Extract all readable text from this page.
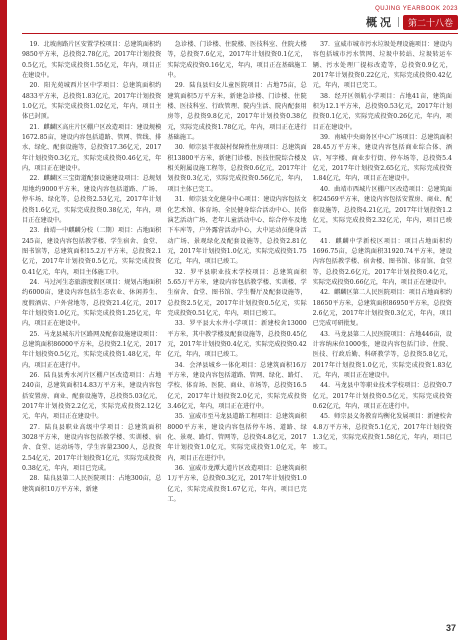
QUJING YEARBOOK 2023
概况	第二十八卷

19．北坡南路片区安置学校项目：总建筑面积约9850平方米，总投资2.78亿元，2017年计划投资0.5亿元，实际完成投资1.55亿元，年内，项目正在建设中。

20．阳光苑城西片区中学项目：总建筑面积约4833平方米，总投资1.83亿元，2017年计划投资1.0亿元，实际完成投资1.02亿元，年内，项目主体已封顶。

21．麒麟区高庄片区棚户区改造项目：建设规模1672.85亩，建设内容包括道路、管网、管线、排水、绿化、配套设施等，总投资17.36亿元，2017年计划投资0.3亿元，实际完成投资0.46亿元，年内，项目正在建设中。

22．麒麟区三宝街道配套设施建设项目：总规划用地约9000平方米，建设内容包括道路、广场、停车场、绿化等，总投资2.53亿元，2017年计划投资1.6亿元，实际完成投资0.38亿元，年内，项目正在建设中。

23．曲靖一中麒麟分校（二期）项目：占地面积245亩，建设内容包括教学楼、学生宿舍、食堂、图书馆等，总建筑面积15.2万平方米，总投资2.1亿元，2017年计划投资0.5亿元，实际完成投资0.41亿元，年内，项目主体施工中。

24．马过河生态旅游度假区项目：规划占地面积约6000亩，建设内容包括生态农业、休闲养生、度假酒店、户外营地等，总投资21.4亿元，2017年计划投资1.0亿元，实际完成投资1.25亿元，年内，项目正在建设中。

25．马龙县城东片区路网及配套设施建设项目：总建筑面积86000平方米，总投资2.1亿元，2017年计划投资0.5亿元，实际完成投资1.48亿元，年内，项目正在进行中。

26．陆良县秀水河片区棚户区改造项目：占地240亩，总建筑面积14.83万平方米，建设内容包括安置房、商业、配套设施等，总投资5.03亿元，2017年计划投资2.2亿元，实际完成投资2.12亿元，年内，项目正在建设中。

27．陆良县职业高级中学项目：总建筑面积3028平方米，建设内容包括教学楼、实训楼、宿舍、食堂、运动场等，学生容量2300人，总投资2.54亿元，2017年计划投资1亿元，实际完成投资0.38亿元，年内，项目已完成。

28．陆良县第二人民医院项目：占地300亩，总建筑面积10万平方米，新建

急诊楼、门诊楼、住院楼、医技科室、住院大楼等，总投资7.6亿元，2017年计划投资0.1亿元，实际完成投资0.16亿元，年内，项目正在基础施工中。

29．陆良县妇女儿童医院项目：占地75亩，总建筑面积5万平方米，新建急诊楼、门诊楼、住院楼、医技科室、行政管理、院内生活、院内配套用房等，总投资9.8亿元，2017年计划投资0.38亿元，实际完成投资1.78亿元，年内，项目正在进行基础施工。

30．师宗县半夜鼓村保障性住房项目：总建筑面积13800平方米，新建门诊楼、医技住院综合楼及相关附属设施工程等，总投资0.6亿元，2017年计划投资0.3亿元，实际完成投资0.56亿元，年内，项目主体已完工。

31．师宗县文化健身中心项目：建设内容包括文化艺术馆、体育场、全民健身综合活动中心、民俗演艺活动广场、老年儿童活动中心、综合停车及地下车库等，户外露营活动中心，大中运动员健身活动广场、景观绿化及配套设施等，总投资2.81亿元，2017年计划投资1.0亿元，实际完成投资1.75亿元，年内，项目已竣工。

32．罗平县职业技术学校项目：总建筑面积5.65万平方米，建设内容包括教学楼、实训楼、学生宿舍、食堂、图书馆、学生餐厅及配套设施等，总投资2.5亿元，2017年计划投资0.5亿元，实际完成投资0.51亿元，年内，项目已竣工。

33．罗平县大水井小学项目：新建校舍13000平方米，其中教学楼及配套设施等，总投资0.45亿元，2017年计划投资0.4亿元，实际完成投资0.42亿元，年内，项目已竣工。

34．会泽县城乡一体化项目：总建筑面积16万平方米，建设内容包括道路、管网、绿化、路灯、学校、体育场、医院、商业、市场等，总投资16.5亿元，2017年计划投资2.0亿元，实际完成投资3.46亿元，年内，项目正在进行中。

35．宣威市至马龙县道路工程项目：总建筑面积8000平方米，建设内容包括停车场、道路、绿化、景观、路灯、管网等，总投资4.8亿元，2017年计划投资1.0亿元，实际完成投资1.0亿元，年内，项目正在进行中。

36．宣威市龙潭大道片区改造项目：总建筑面积1万平方米，总投资0.3亿元，2017年计划投资1.0亿元，实际完成投资1.67亿元，年内，项目已完工。

37．宣威市城市污水垃圾处理设施项目：建设内容包括城市污水管网、垃圾中转站、垃圾转运车辆、污水处理厂提标改造等，总投资0.9亿元，2017年计划投资0.22亿元，实际完成投资0.42亿元，年内，项目已完工。

38．经开区领航小学项目：占地41亩，建筑面积为12.1平方米，总投资0.53亿元，2017年计划投资0.1亿元，实际完成投资0.26亿元，年内，项目正在建设中。

39．南城中央商务区中心广场项目：总建筑面积28.45万平方米，建设内容包括商业综合体、酒店、写字楼、商业步行街、停车场等，总投资5.4亿元，2017年计划投资2.65亿元，实际完成投资1.84亿元，年内，项目正在建设中。

40．曲靖市西城片区棚户区改造项目：总建筑面积24569平方米，建设内容包括安置房、商业、配套设施等，总投资4.21亿元，2017年计划投资1.2亿元，实际完成投资2.32亿元，年内，项目已竣工。

41．麒麟中学新校区项目：项目占地面积约1696.75亩，总建筑面积31920.74平方米，建设内容包括教学楼、宿舍楼、图书馆、体育馆、食堂等，总投资2.6亿元，2017年计划投资0.4亿元，实际完成投资0.66亿元，年内，项目正在建设中。

42．麒麟区第二人民医院项目：项目占地面积约18650平方米，总建筑面积86950平方米，总投资2.6亿元，2017年计划投资0.3亿元，年内，项目已完成可研批复。

43．马龙县第二人民医院项目：占地446亩，设计容纳床位1000张，建设内容包括门诊、住院、医技、行政后勤、科研教学等，总投资5.8亿元，2017年计划投资1.0亿元，实际完成投资1.83亿元，年内，项目正在建设中。

44．马龙县中等职业技术学校项目：总投资0.7亿元，2017年计划投资0.5亿元，实际完成投资0.62亿元，年内，项目正在进行中。

45．师宗县义务教育均衡化发展项目：新建校舍4.8万平方米，总投资5.1亿元，2017年计划投资1.3亿元，实际完成投资1.58亿元，年内，项目已竣工。

37
